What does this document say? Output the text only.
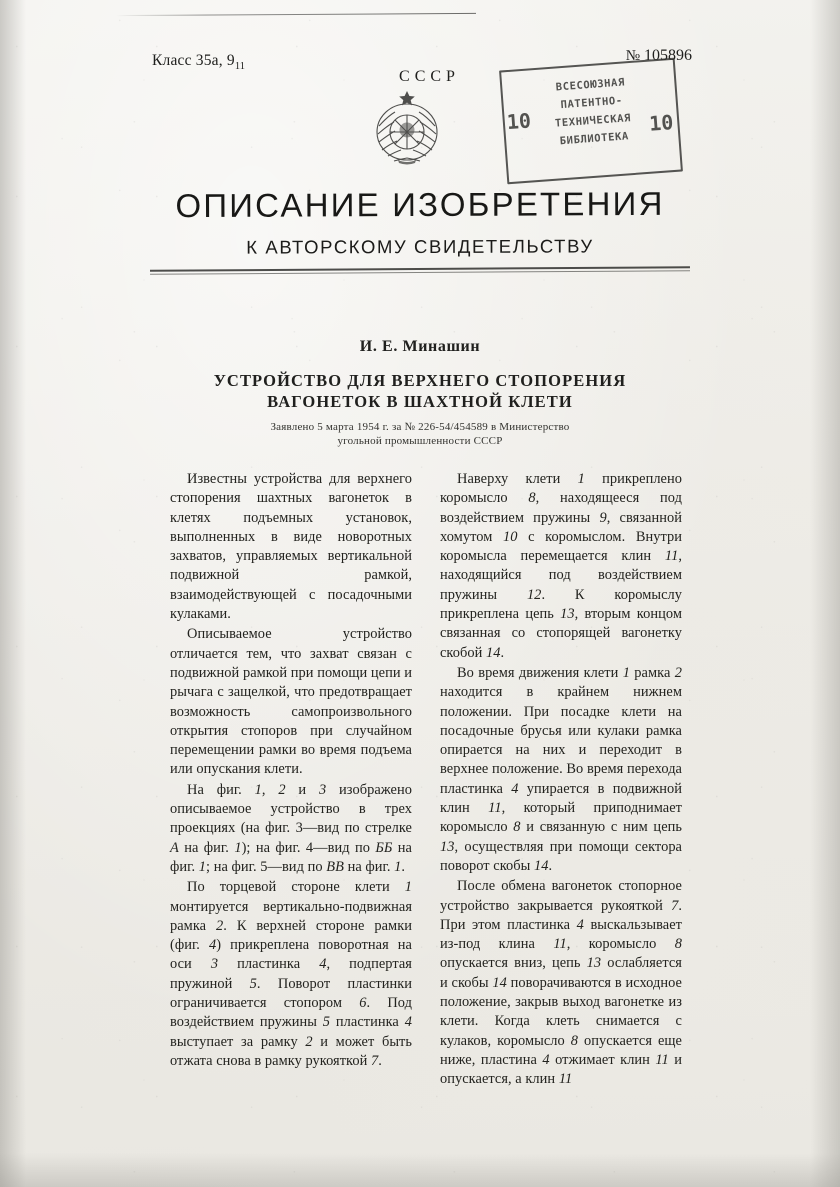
Класс 35а, $9_{11}$
№ 105896
СССР	ВСЕСОЮЗНАЯ
ПАТЕНТНО-
ТЕХНИЧЕСКАЯ
БИБЛИОТЕКА
10	10
ОПИСАНИЕ ИЗОБРЕТЕНИЯ
К АВТОРСКОМУ СВИДЕТЕЛЬСТВУ
И. Е. Минашин
УСТРОЙСТВО ДЛЯ ВЕРХНЕГО СТОПОРЕНИЯ
ВАГОНЕТОК В ШАХТНОЙ КЛЕТИ
Заявлено 5 марта 1954 г. за № 226-54/454589 в Министерство
угольной промышленности СССР

Известны устройства для верхнего стопорения шахтных вагонеток в клетях подъемных установок, выполненных в виде новоротных захватов, управляемых вертикальной подвижной рамкой, взаимодействующей с посадочными кулаками.

Описываемое устройство отличается тем, что захват связан с подвижной рамкой при помощи цепи и рычага с защелкой, что предотвращает возможность самопроизвольного открытия стопоров при случайном перемещении рамки во время подъема или опускания клети.

На фиг. 1, 2 и 3 изображено описываемое устройство в трех проекциях (на фиг. 3—вид по стрелке A на фиг. 1); на фиг. 4—вид по ББ на фиг. 1; на фиг. 5—вид по ВВ на фиг. 1.

По торцевой стороне клети 1 монтируется вертикально-подвижная рамка 2. К верхней стороне рамки (фиг. 4) прикреплена поворотная на оси 3 пластинка 4, подпертая пружиной 5. Поворот пластинки ограничивается стопором 6. Под воздействием пружины 5 пластинка 4 выступает за рамку 2 и может быть отжата снова в рамку рукояткой 7.

Наверху клети 1 прикреплено коромысло 8, находящееся под воздействием пружины 9, связанной хомутом 10 с коромыслом. Внутри коромысла перемещается клин 11, находящийся под воздействием пружины 12. К коромыслу прикреплена цепь 13, вторым концом связанная со стопорящей вагонетку скобой 14.

Во время движения клети 1 рамка 2 находится в крайнем нижнем положении. При посадке клети на посадочные брусья или кулаки рамка опирается на них и переходит в верхнее положение. Во время перехода пластинка 4 упирается в подвижной клин 11, который приподнимает коромысло 8 и связанную с ним цепь 13, осуществляя при помощи сектора поворот скобы 14.

После обмена вагонеток стопорное устройство закрывается рукояткой 7. При этом пластинка 4 выскальзывает из-под клина 11, коромысло 8 опускается вниз, цепь 13 ослабляется и скобы 14 поворачиваются в исходное положение, закрыв выход вагонетке из клети. Когда клеть снимается с кулаков, коромысло 8 опускается еще ниже, пластина 4 отжимает клин 11 и опускается, а клин 11
